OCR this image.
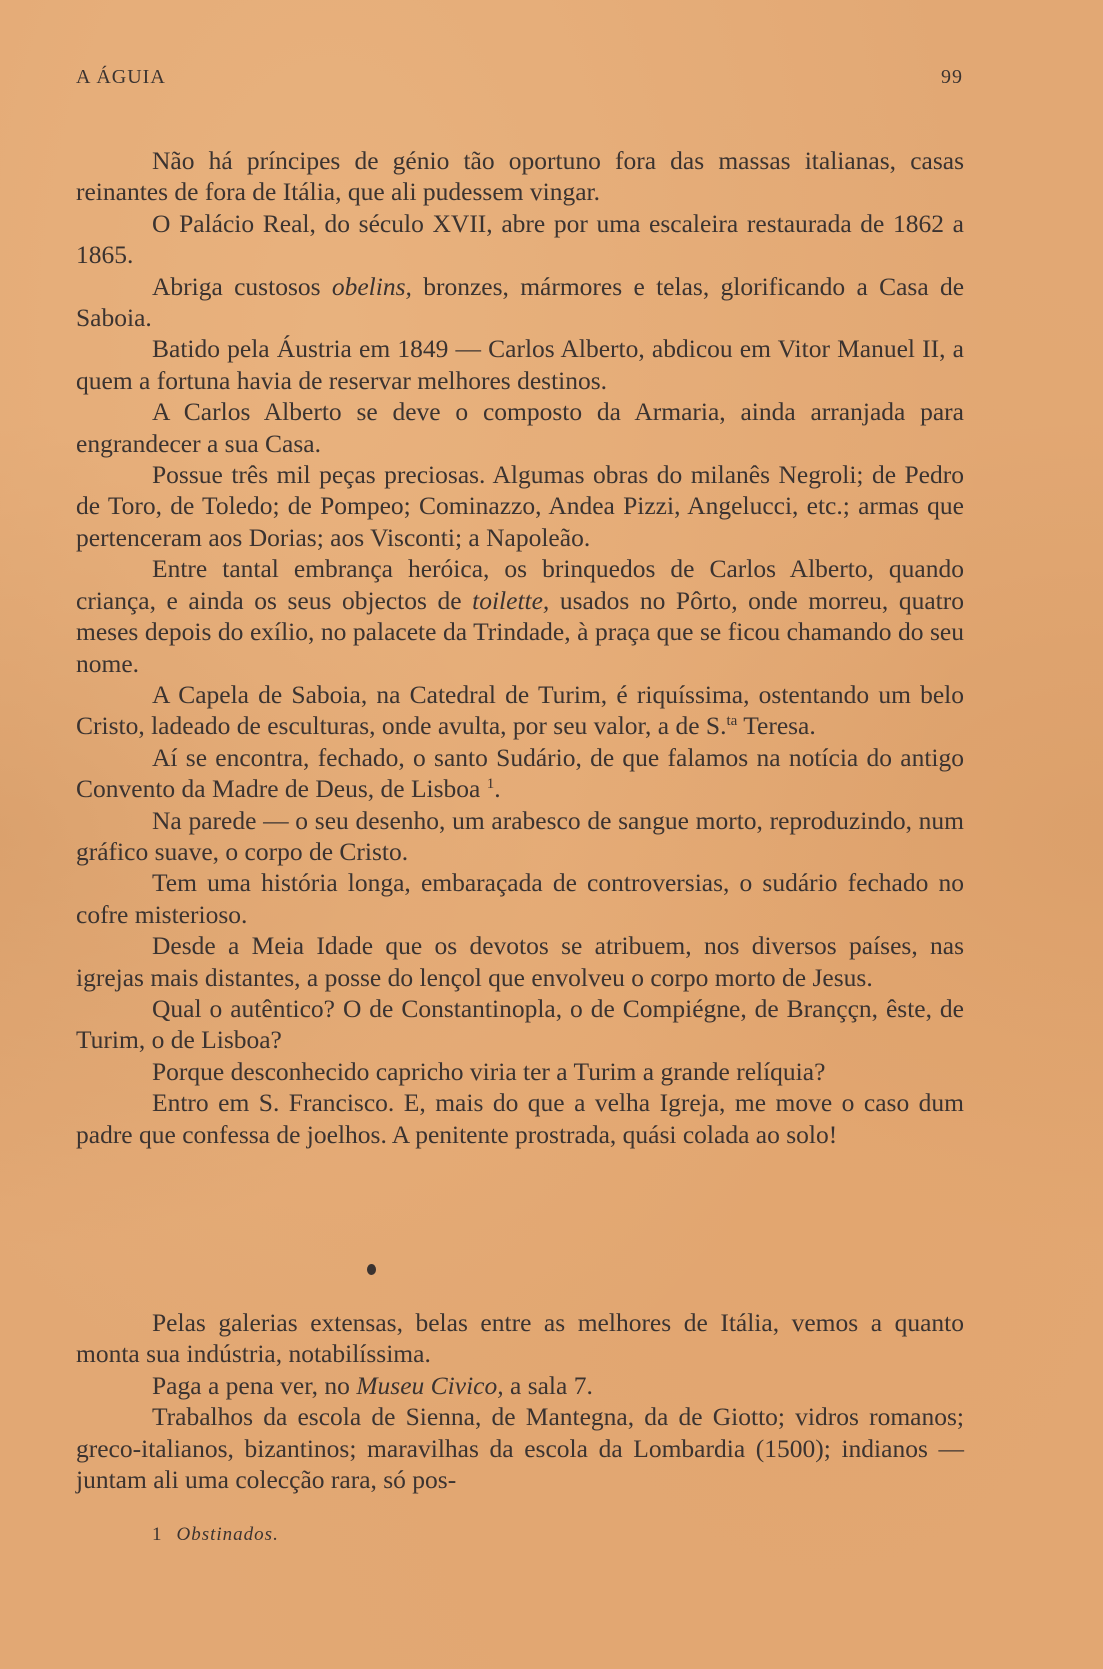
A ÁGUIA	99

Não há príncipes de génio tão oportuno fora das massas italianas, casas reinantes de fora de Itália, que ali pudessem vingar.

O Palácio Real, do século XVII, abre por uma escaleira restaurada de 1862 a 1865.

Abriga custosos obelins, bronzes, mármores e telas, glorificando a Casa de Saboia.

Batido pela Áustria em 1849 — Carlos Alberto, abdicou em Vitor Manuel II, a quem a fortuna havia de reservar melhores destinos.

A Carlos Alberto se deve o composto da Armaria, ainda arranjada para engrandecer a sua Casa.

Possue três mil peças preciosas. Algumas obras do milanês Negroli; de Pedro de Toro, de Toledo; de Pompeo; Cominazzo, Andea Pizzi, Angelucci, etc.; armas que pertenceram aos Dorias; aos Visconti; a Napoleão.

Entre tantal embrança heróica, os brinquedos de Carlos Alberto, quando criança, e ainda os seus objectos de toilette, usados no Pôrto, onde morreu, quatro meses depois do exílio, no palacete da Trindade, à praça que se ficou chamando do seu nome.

A Capela de Saboia, na Catedral de Turim, é riquíssima, ostentando um belo Cristo, ladeado de esculturas, onde avulta, por seu valor, a de S.$^{ta}$ Teresa.

Aí se encontra, fechado, o santo Sudário, de que falamos na notícia do antigo Convento da Madre de Deus, de Lisboa $^1$.

Na parede — o seu desenho, um arabesco de sangue morto, reproduzindo, num gráfico suave, o corpo de Cristo.

Tem uma história longa, embaraçada de controversias, o sudário fechado no cofre misterioso.

Desde a Meia Idade que os devotos se atribuem, nos diversos países, nas igrejas mais distantes, a posse do lençol que envolveu o corpo morto de Jesus.

Qual o autêntico? O de Constantinopla, o de Compiégne, de Branççn, êste, de Turim, o de Lisboa?

Porque desconhecido capricho viria ter a Turim a grande relíquia?

Entro em S. Francisco. E, mais do que a velha Igreja, me move o caso dum padre que confessa de joelhos. A penitente prostrada, quási colada ao solo!

Pelas galerias extensas, belas entre as melhores de Itália, vemos a quanto monta sua indústria, notabilíssima.

Paga a pena ver, no Museu Civico, a sala 7.

Trabalhos da escola de Sienna, de Mantegna, da de Giotto; vidros romanos; greco-italianos, bizantinos; maravilhas da escola da Lombardia (1500); indianos — juntam ali uma colecção rara, só pos-

1 Obstinados.
